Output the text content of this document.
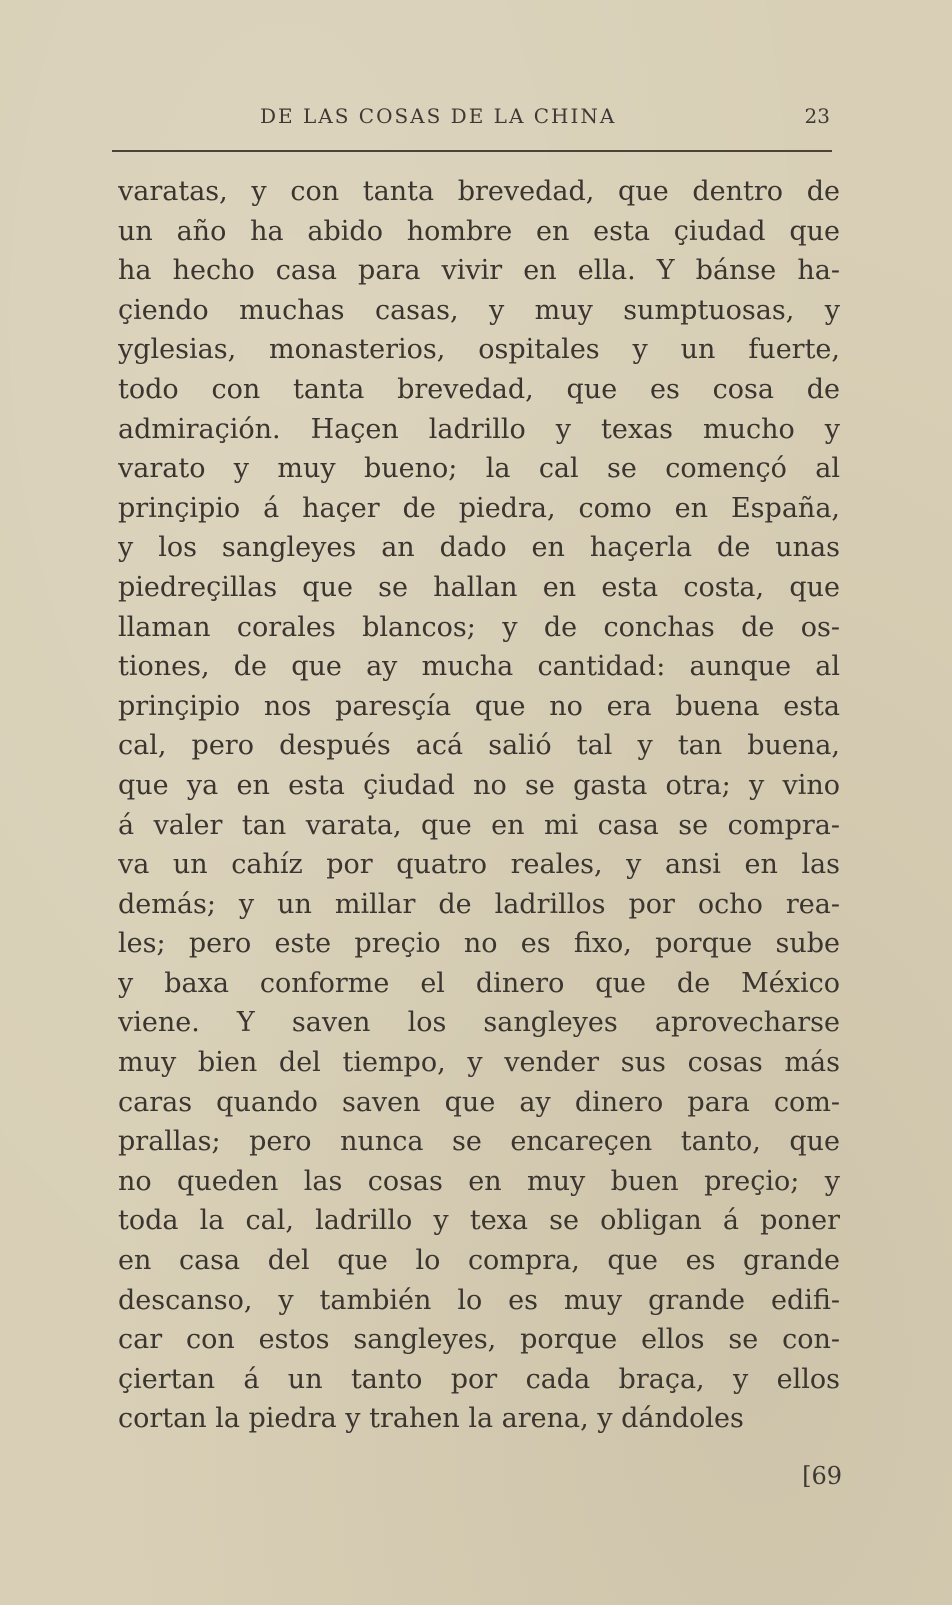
DE LAS COSAS DE LA CHINA	23
varatas, y con tanta brevedad, que dentro de
un año ha abido hombre en esta çiudad que
ha hecho casa para vivir en ella. Y bánse ha-
çiendo muchas casas, y muy sumptuosas, y
yglesias, monasterios, ospitales y un fuerte,
todo con tanta brevedad, que es cosa de
admiraçión. Haçen ladrillo y texas mucho y
varato y muy bueno; la cal se començó al
prinçipio á haçer de piedra, como en España,
y los sangleyes an dado en haçerla de unas
piedreçillas que se hallan en esta costa, que
llaman corales blancos; y de conchas de os-
tiones, de que ay mucha cantidad: aunque al
prinçipio nos paresçía que no era buena esta
cal, pero después acá salió tal y tan buena,
que ya en esta çiudad no se gasta otra; y vino
á valer tan varata, que en mi casa se compra-
va un cahíz por quatro reales, y ansi en las
demás; y un millar de ladrillos por ocho rea-
les; pero este preçio no es fixo, porque sube
y baxa conforme el dinero que de México
viene. Y saven los sangleyes aprovecharse
muy bien del tiempo, y vender sus cosas más
caras quando saven que ay dinero para com-
prallas; pero nunca se encareçen tanto, que
no queden las cosas en muy buen preçio; y
toda la cal, ladrillo y texa se obligan á poner
en casa del que lo compra, que es grande
descanso, y también lo es muy grande edifi-
car con estos sangleyes, porque ellos se con-
çiertan á un tanto por cada braça, y ellos
cortan la piedra y trahen la arena, y dándoles
[69
